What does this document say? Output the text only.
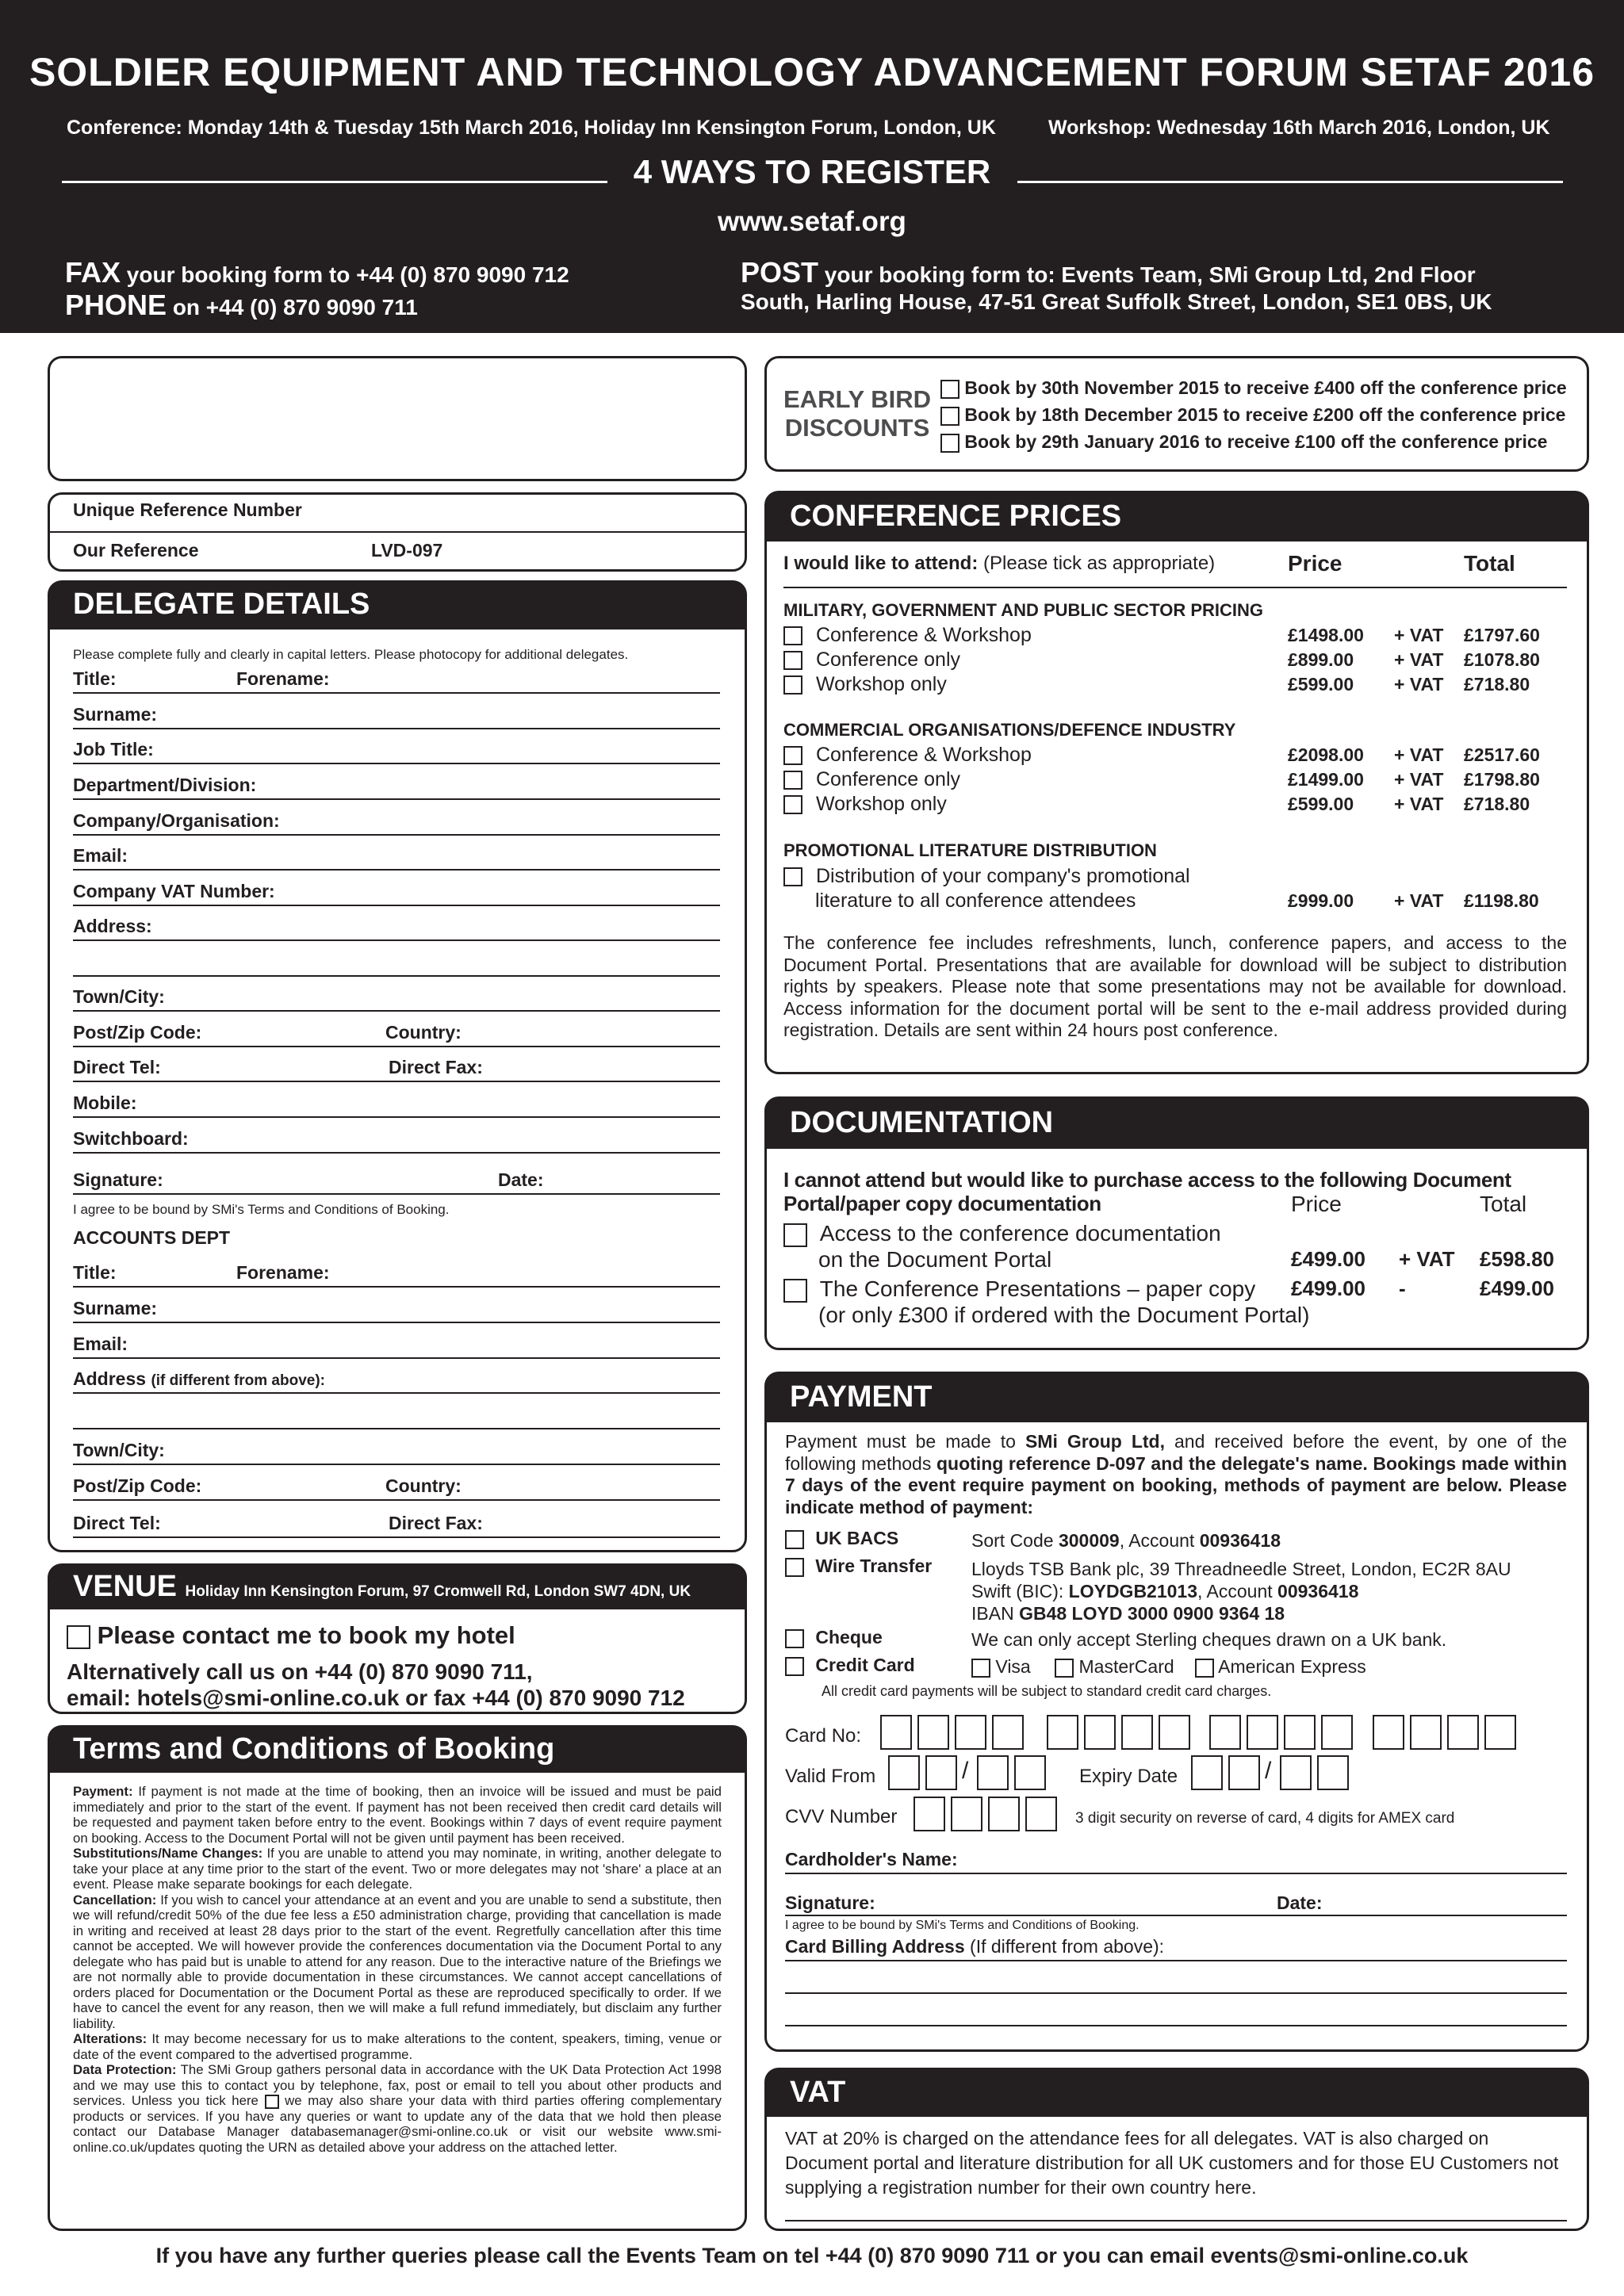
SOLDIER EQUIPMENT AND TECHNOLOGY ADVANCEMENT FORUM SETAF 2016
Conference: Monday 14th & Tuesday 15th March 2016, Holiday Inn Kensington Forum, London, UK	Workshop: Wednesday 16th March 2016, London, UK
4 WAYS TO REGISTER
www.setaf.org
FAX your booking form to +44 (0) 870 9090 712
PHONE on +44 (0) 870 9090 711
POST your booking form to: Events Team, SMi Group Ltd, 2nd Floor
South, Harling House, 47-51 Great Suffolk Street, London, SE1 0BS, UK
Unique Reference Number
Our Reference	LVD-097
DELEGATE DETAILS
Please complete fully and clearly in capital letters. Please photocopy for additional delegates.
Title:	Forename:
Surname:
Job Title:
Department/Division:
Company/Organisation:
Email:
Company VAT Number:
Address:
Town/City:
Post/Zip Code:	Country:
Direct Tel:	Direct Fax:
Mobile:
Switchboard:
Signature:	Date:
I agree to be bound by SMi's Terms and Conditions of Booking.
ACCOUNTS DEPT
Title:	Forename:
Surname:
Email:
Address (if different from above):
Town/City:
Post/Zip Code:	Country:
Direct Tel:	Direct Fax:
VENUE Holiday Inn Kensington Forum, 97 Cromwell Rd, London SW7 4DN, UK
Please contact me to book my hotel
Alternatively call us on +44 (0) 870 9090 711,
email: hotels@smi-online.co.uk or fax +44 (0) 870 9090 712
Terms and Conditions of Booking

Payment: If payment is not made at the time of booking, then an invoice will be issued and must be paid immediately and prior to the start of the event. If payment has not been received then credit card details will be requested and payment taken before entry to the event. Bookings within 7 days of event require payment on booking. Access to the Document Portal will not be given until payment has been received.

Substitutions/Name Changes: If you are unable to attend you may nominate, in writing, another delegate to take your place at any time prior to the start of the event. Two or more delegates may not 'share' a place at an event. Please make separate bookings for each delegate.

Cancellation: If you wish to cancel your attendance at an event and you are unable to send a substitute, then we will refund/credit 50% of the due fee less a £50 administration charge, providing that cancellation is made in writing and received at least 28 days prior to the start of the event. Regretfully cancellation after this time cannot be accepted. We will however provide the conferences documentation via the Document Portal to any delegate who has paid but is unable to attend for any reason. Due to the interactive nature of the Briefings we are not normally able to provide documentation in these circumstances. We cannot accept cancellations of orders placed for Documentation or the Document Portal as these are reproduced specifically to order. If we have to cancel the event for any reason, then we will make a full refund immediately, but disclaim any further liability.

Alterations: It may become necessary for us to make alterations to the content, speakers, timing, venue or date of the event compared to the advertised programme.

Data Protection: The SMi Group gathers personal data in accordance with the UK Data Protection Act 1998 and we may use this to contact you by telephone, fax, post or email to tell you about other products and services. Unless you tick here we may also share your data with third parties offering complementary products or services. If you have any queries or want to update any of the data that we hold then please contact our Database Manager databasemanager@smi-online.co.uk or visit our website www.smi-online.co.uk/updates quoting the URN as detailed above your address on the attached letter.

If you have any further queries please call the Events Team on tel +44 (0) 870 9090 711 or you can email events@smi-online.co.uk
EARLY BIRD
DISCOUNTS
Book by 30th November 2015 to receive £400 off the conference price
Book by 18th December 2015 to receive £200 off the conference price
Book by 29th January 2016 to receive £100 off the conference price
CONFERENCE PRICES
I would like to attend: (Please tick as appropriate)	Price	Total
MILITARY, GOVERNMENT AND PUBLIC SECTOR PRICING
Conference & Workshop	£1498.00 + VAT £1797.60
Conference only	£899.00 + VAT £1078.80
Workshop only	£599.00 + VAT £718.80
COMMERCIAL ORGANISATIONS/DEFENCE INDUSTRY
Conference & Workshop	£2098.00 + VAT £2517.60
Conference only	£1499.00 + VAT £1798.80
Workshop only	£599.00 + VAT £718.80
PROMOTIONAL LITERATURE DISTRIBUTION
Distribution of your company's promotional
literature to all conference attendees	£999.00 + VAT £1198.80
The conference fee includes refreshments, lunch, conference papers, and access to the Document Portal. Presentations that are available for download will be subject to distribution rights by speakers. Please note that some presentations may not be available for download. Access information for the document portal will be sent to the e-mail address provided during registration. Details are sent within 24 hours post conference.
DOCUMENTATION
I cannot attend but would like to purchase access to the following Document
Portal/paper copy documentation	Price	Total
Access to the conference documentation
on the Document Portal	£499.00 + VAT £598.80
The Conference Presentations – paper copy £499.00 -	£499.00
(or only £300 if ordered with the Document Portal)
PAYMENT
Payment must be made to SMi Group Ltd, and received before the event, by one of the following methods quoting reference D-097 and the delegate's name. Bookings made within 7 days of the event require payment on booking, methods of payment are below. Please indicate method of payment:
UK BACS	Sort Code 300009, Account 00936418
Wire Transfer Lloyds TSB Bank plc, 39 Threadneedle Street, London, EC2R 8AU
Swift (BIC): LOYDGB21013, Account 00936418
IBAN GB48 LOYD 3000 0900 9364 18
Cheque	We can only accept Sterling cheques drawn on a UK bank.
Credit Card	Visa	MasterCard American Express
All credit card payments will be subject to standard credit card charges.
Card No:
Valid From	/	Expiry Date	/
CVV Number	3 digit security on reverse of card, 4 digits for AMEX card
Cardholder's Name:
Signature:	Date:
I agree to be bound by SMi's Terms and Conditions of Booking.
Card Billing Address (If different from above):
VAT
VAT at 20% is charged on the attendance fees for all delegates. VAT is also charged on Document portal and literature distribution for all UK customers and for those EU Customers not supplying a registration number for their own country here.
